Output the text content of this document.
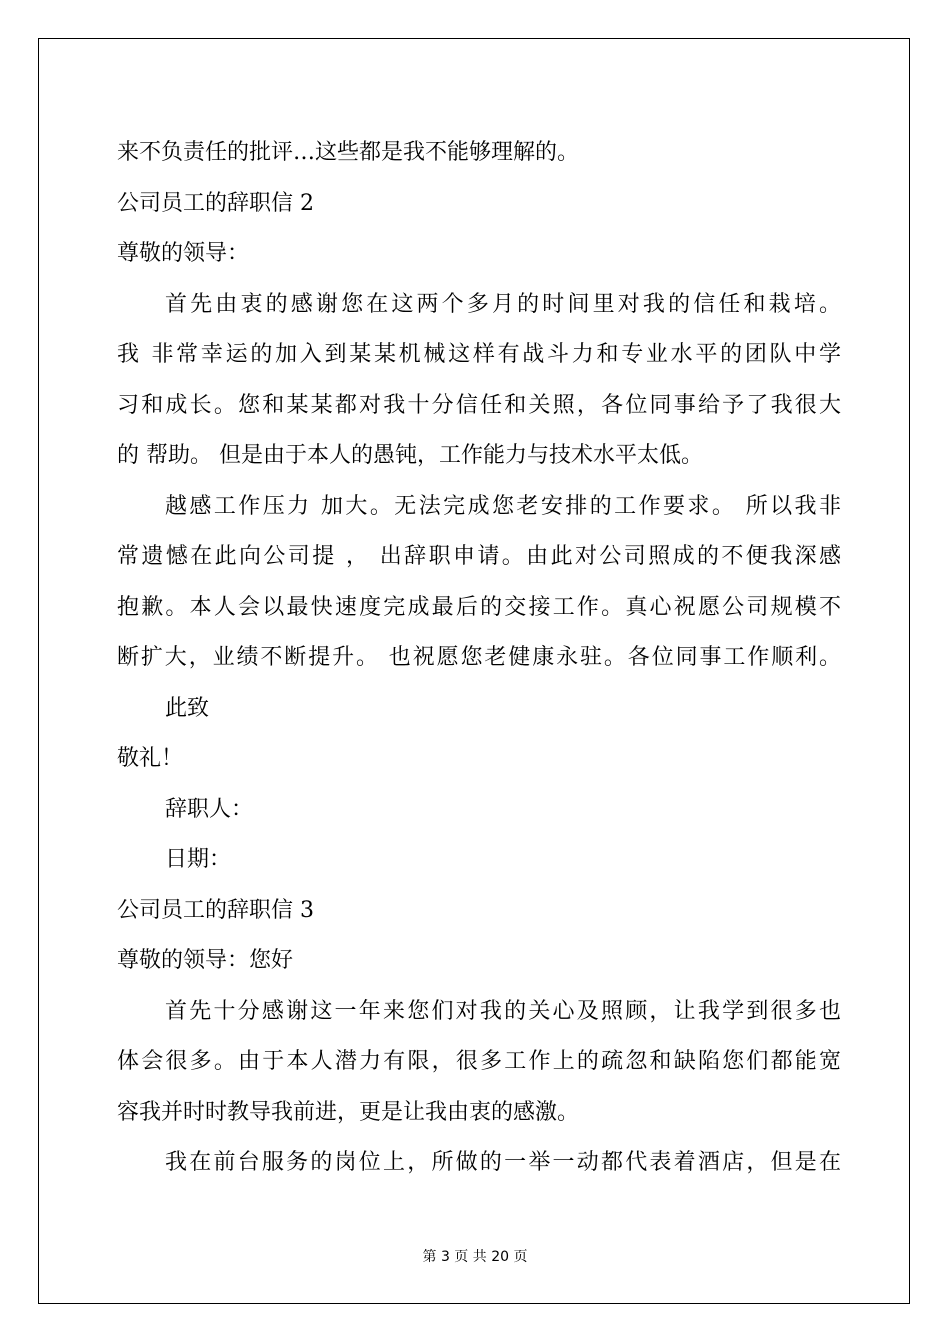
来不负责任的批评…这些都是我不能够理解的。
公司员工的辞职信 2
尊敬的领导：
首先由衷的感谢您在这两个多月的时间里对我的信任和栽培。
我 非常幸运的加入到某某机械这样有战斗力和专业水平的团队中学
习和成长。您和某某都对我十分信任和关照，各位同事给予了我很大
的 帮助。 但是由于本人的愚钝，工作能力与技术水平太低。
越感工作压力 加大。无法完成您老安排的工作要求。 所以我非
常遗憾在此向公司提 ， 出辞职申请。由此对公司照成的不便我深感
抱歉。本人会以最快速度完成最后的交接工作。真心祝愿公司规模不
断扩大，业绩不断提升。 也祝愿您老健康永驻。各位同事工作顺利。
此致
敬礼！
辞职人：
日期：
公司员工的辞职信 3
尊敬的领导：您好
首先十分感谢这一年来您们对我的关心及照顾，让我学到很多也
体会很多。由于本人潜力有限，很多工作上的疏忽和缺陷您们都能宽
容我并时时教导我前进，更是让我由衷的感激。
我在前台服务的岗位上，所做的一举一动都代表着酒店，但是在
第 3 页 共 20 页
